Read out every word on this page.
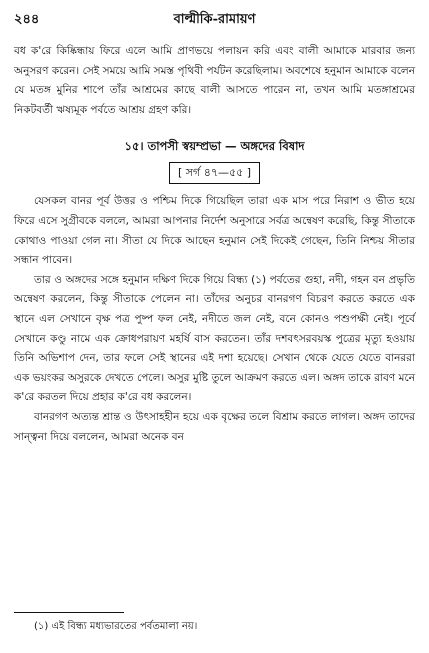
২৪৪	বাল্মীকি-রামায়ণ

বধ ক'রে কিষ্কিন্ধায় ফিরে এলে আমি প্রাণভয়ে পলায়ন করি এবং বালী আমাকে মারবার জন্য অনুসরণ করেন। সেই সময়ে আমি সমস্ত পৃথিবী পর্যটন করেছিলাম। অবশেষে হনুমান আমাকে বলেন যে মতঙ্গ মুনির শাপে তাঁর আশ্রমের কাছে বালী আসতে পারেন না, তখন আমি মতঙ্গাশ্রমের নিকটবর্তী ঋষ্যমূক পর্বতে আশ্রয় গ্রহণ করি।

১৫। তাপসী স্বয়ম্প্রভা — অঙ্গদের বিষাদ
[ সর্গ ৪৭—৫৫ ]

যেসকল বানর পূর্ব উত্তর ও পশ্চিম দিকে গিয়েছিল তারা এক মাস পরে নিরাশ ও ভীত হয়ে ফিরে এসে সুগ্রীবকে বললে, আমরা আপনার নির্দেশ অনুসারে সর্বত্র অন্বেষণ করেছি, কিন্তু সীতাকে কোথাও পাওয়া গেল না। সীতা যে দিকে আছেন হনুমান সেই দিকেই গেছেন, তিনি নিশ্চয় সীতার সন্ধান পাবেন।

তার ও অঙ্গদের সঙ্গে হনুমান দক্ষিণ দিকে গিয়ে বিন্ধ্য (১) পর্বতের গুহা, নদী, গহন বন প্রভৃতি অন্বেষণ করলেন, কিন্তু সীতাকে পেলেন না। তাঁদের অনুচর বানরগণ বিচরণ করতে করতে এক স্থানে এল সেখানে বৃক্ষ পত্র পুষ্প ফল নেই, নদীতে জল নেই, বনে কোনও পশুপক্ষী নেই। পূর্বে সেখানে কণ্ডু নামে এক ক্রোধপরায়ণ মহর্ষি বাস করতেন। তাঁর দশবৎসরবয়স্ক পুত্রের মৃত্যু হওয়ায় তিনি অভিশাপ দেন, তার ফলে সেই স্থানের এই দশা হয়েছে। সেখান থেকে যেতে যেতে বানররা এক ভয়ংকর অসুরকে দেখতে পেলে। অসুর মুষ্টি তুলে আক্রমণ করতে এল। অঙ্গদ তাকে রাবণ মনে ক'রে করতল দিয়ে প্রহার ক'রে বধ করলেন।

বানরগণ অত্যন্ত শ্রান্ত ও উৎসাহহীন হয়ে এক বৃক্ষের তলে বিশ্রাম করতে লাগল। অঙ্গদ তাদের সান্ত্বনা দিয়ে বললেন, আমরা অনেক বন

(১) এই বিন্ধ্য মধ্যভারতের পর্বতমালা নয়।
